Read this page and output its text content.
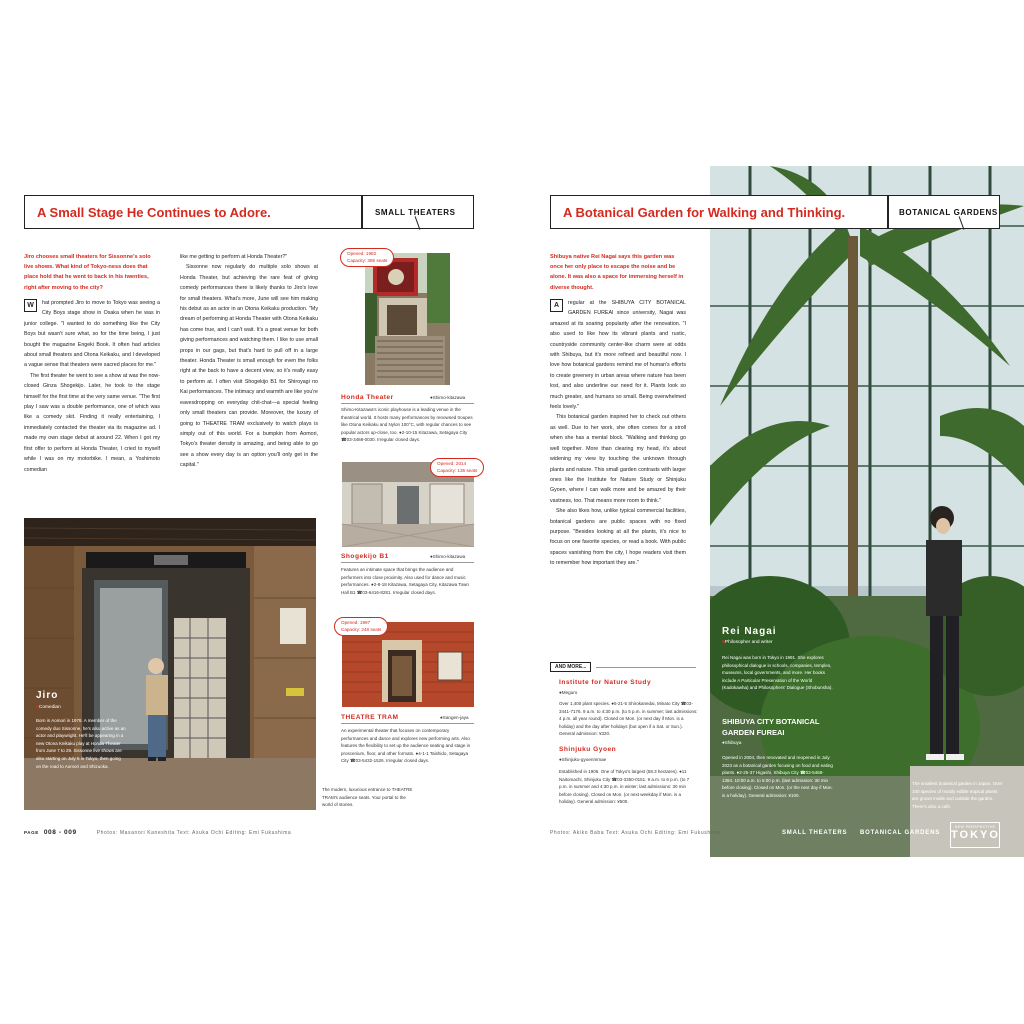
A Small Stage He Continues to Adore.	SMALL THEATERS
Jiro chooses small theaters for Sissonne's solo live shows. What kind of Tokyo-ness does that place hold that he went to back in his twenties, right after moving to the city?
W	hat prompted Jiro to move to Tokyo was seeing a City Boys stage show in Osaka when he was in junior college. "I wanted to do something like the City Boys but wasn't sure what, so for the time being, I just bought the magazine Engeki Book. It often had articles about small theaters and Otona Keikaku, and I developed a vague sense that theaters were sacred places for me."

The first theater he went to see a show at was the now-closed Ginza Shogekijo. Later, he took to the stage himself for the first time at the very same venue. "The first play I saw was a double performance, one of which was like a comedy skit. Finding it really entertaining, I immediately contacted the theater via its magazine ad. I made my own stage debut at around 22. When I got my first offer to perform at Honda Theater, I cried to myself while I was on my motorbike. I mean, a Yoshimoto comedian

like me getting to perform at Honda Theater?"

Sissonne now regularly do multiple solo shows at Honda Theater, but achieving the rare feat of giving comedy performances there is likely thanks to Jiro's love for small theaters. What's more, June will see him making his debut as an actor in an Otona Keikaku production. "My dream of performing at Honda Theater with Otona Keikaku has come true, and I can't wait. It's a great venue for both giving performances and watching them. I like to use small props in our gags, but that's hard to pull off in a large theater. Honda Theater is small enough for even the folks right at the back to have a decent view, so it's really easy to perform at. I often visit Shogekijo B1 for Shiroyagi no Kai performances. The intimacy and warmth are like you're eavesdropping on everyday chit-chat—a special feeling only small theaters can provide. Moreover, the luxury of going to THEATRE TRAM exclusively to watch plays is simply out of this world. For a bumpkin from Aomori, Tokyo's theater density is amazing, and being able to go see a show every day is an option you'll only get in the capital."

Opened: 1982
Capacity: 386 seats
Honda Theater	●Shimo-kitazawa
Shimo-Kitazawa's iconic playhouse is a leading venue in the theatrical world. It hosts many performances by renowned troupes like Otona Keikaku and Nylon 100°C, with regular chances to see popular actors up-close, too. ●2-10-15 Kitazawa, Setagaya City ☎03-3468-0030. Irregular closed days.
Opened: 2014
Capacity: 135 seats
Shogekijo B1	●Shimo-kitazawa
Features an intimate space that brings the audience and performers into close proximity. Also used for dance and music performances. ●2-8-18 Kitazawa, Setagaya City, Kitazawa Town Hall B1 ☎03-6416-8281. Irregular closed days.
Opened: 1997
Capacity: 248 seats
THEATRE TRAM	●Sangen-jaya
An experimental theater that focuses on contemporary performances and dance and explores new performing arts. Also features the flexibility to set up the audience seating and stage in proscenium, floor, and other formats. ●4-1-1 Taishido, Setagaya City ☎03-5432-1526. Irregular closed days.
Jiro
■Comedian
Born in Aomori in 1978. A member of the comedy duo Sissonne, he's also active as an actor and playwright. He'll be appearing in a new Otona Keikaku play at Honda Theater from June 7 to 29. Sissonne live shows are also starting on July 5 in Tokyo, then going on the road to Aomori and Shizuoka.
The modern, luxurious entrance to THEATRE TRAM's audience seats. Your portal to the world of stories.
PAGE 008 - 009	Photos: Masanori Kaneshita Text: Asuka Ochi Editing: Emi Fukushima
A Botanical Garden for Walking and Thinking.	BOTANICAL GARDENS
Shibuya native Rei Nagai says this garden was once her only place to escape the noise and be alone. It was also a space for immersing herself in diverse thought.
A	regular at the SHIBUYA CITY BOTANICAL GARDEN FUREAI since university, Nagai was amazed at its soaring popularity after the renovation. "I also used to like how its vibrant plants and rustic, countryside community center-like charm were at odds with Shibuya, but it's more refined and beautiful now. I love how botanical gardens remind me of human's efforts to create greenery in urban areas where nature has been lost, and also underline our need for it. Plants look so much greater, and humans so small. Being overwhelmed feels lovely."

This botanical garden inspired her to check out others as well. Due to her work, she often comes for a stroll when she has a mental block. "Walking and thinking go well together. More than clearing my head, it's about widening my view by touching the unknown through plants and nature. This small garden contrasts with larger ones like the Institute for Nature Study or Shinjuku Gyoen, where I can walk more and be amazed by their vastness, too. That means more room to think."

She also likes how, unlike typical commercial facilities, botanical gardens are public spaces with no fixed purpose. "Besides looking at all the plants, it's nice to focus on one favorite species, or read a book. With public spaces vanishing from the city, I hope readers visit them to remember how important they are."

AND MORE...
Institute for Nature Study
●Meguro
Over 1,400 plant species. ●5-21-5 Shirokanedai, Minato City ☎03-3441-7176. 9 a.m. to 4:30 p.m. (to 5 p.m. in summer; last admissions: 4 p.m. all year round). Closed on Mon. (or next day if Mon. is a holiday) and the day after holidays (but open if a Sat. or Sun.). General admission: ¥320.
Shinjuku Gyoen
●Shinjuku-gyoenmmae
Established in 1906. One of Tokyo's largest (58.3 hectares). ●11 Naitomachi, Shinjuku City ☎03-3350-0151. 9 a.m. to 6 p.m. (to 7 p.m. in summer and 4:30 p.m. in winter; last admissions: 30 min before closing). Closed on Mon. (or next weekday if Mon. is a holiday). General admission: ¥500.
Rei Nagai
■Philosopher and writer
Rei Nagai was born in Tokyo in 1991. She explores philosophical dialogue in schools, companies, temples, museums, local governments, and more. Her books include A Particular Preservation of the World (Kadokawha) and Philosophers' Dialogue (Shobunsha).
SHIBUYA CITY BOTANICAL GARDEN FUREAI
●Shibuya
Opened in 2004, then renovated and reopened in July 2023 as a botanical garden focusing on food and eating plants. ●2-25-37 Higashi, Shibuya City ☎03-5468-1384. 10:00 a.m. to 5:00 p.m. (last admission: 30 min before closing). Closed on Mon. (or the next day if Mon. is a holiday). General admission: ¥100.
The smallest botanical garden in Japan. Over 100 species of mostly edible tropical plants are grown inside and outside the garden. There's also a café.
Photos: Akiko Baba Text: Asuka Ochi Editing: Emi Fukushima	SMALL THEATERS BOTANICAL GARDENS
NEW PERSPECTIVE
TOKYO
